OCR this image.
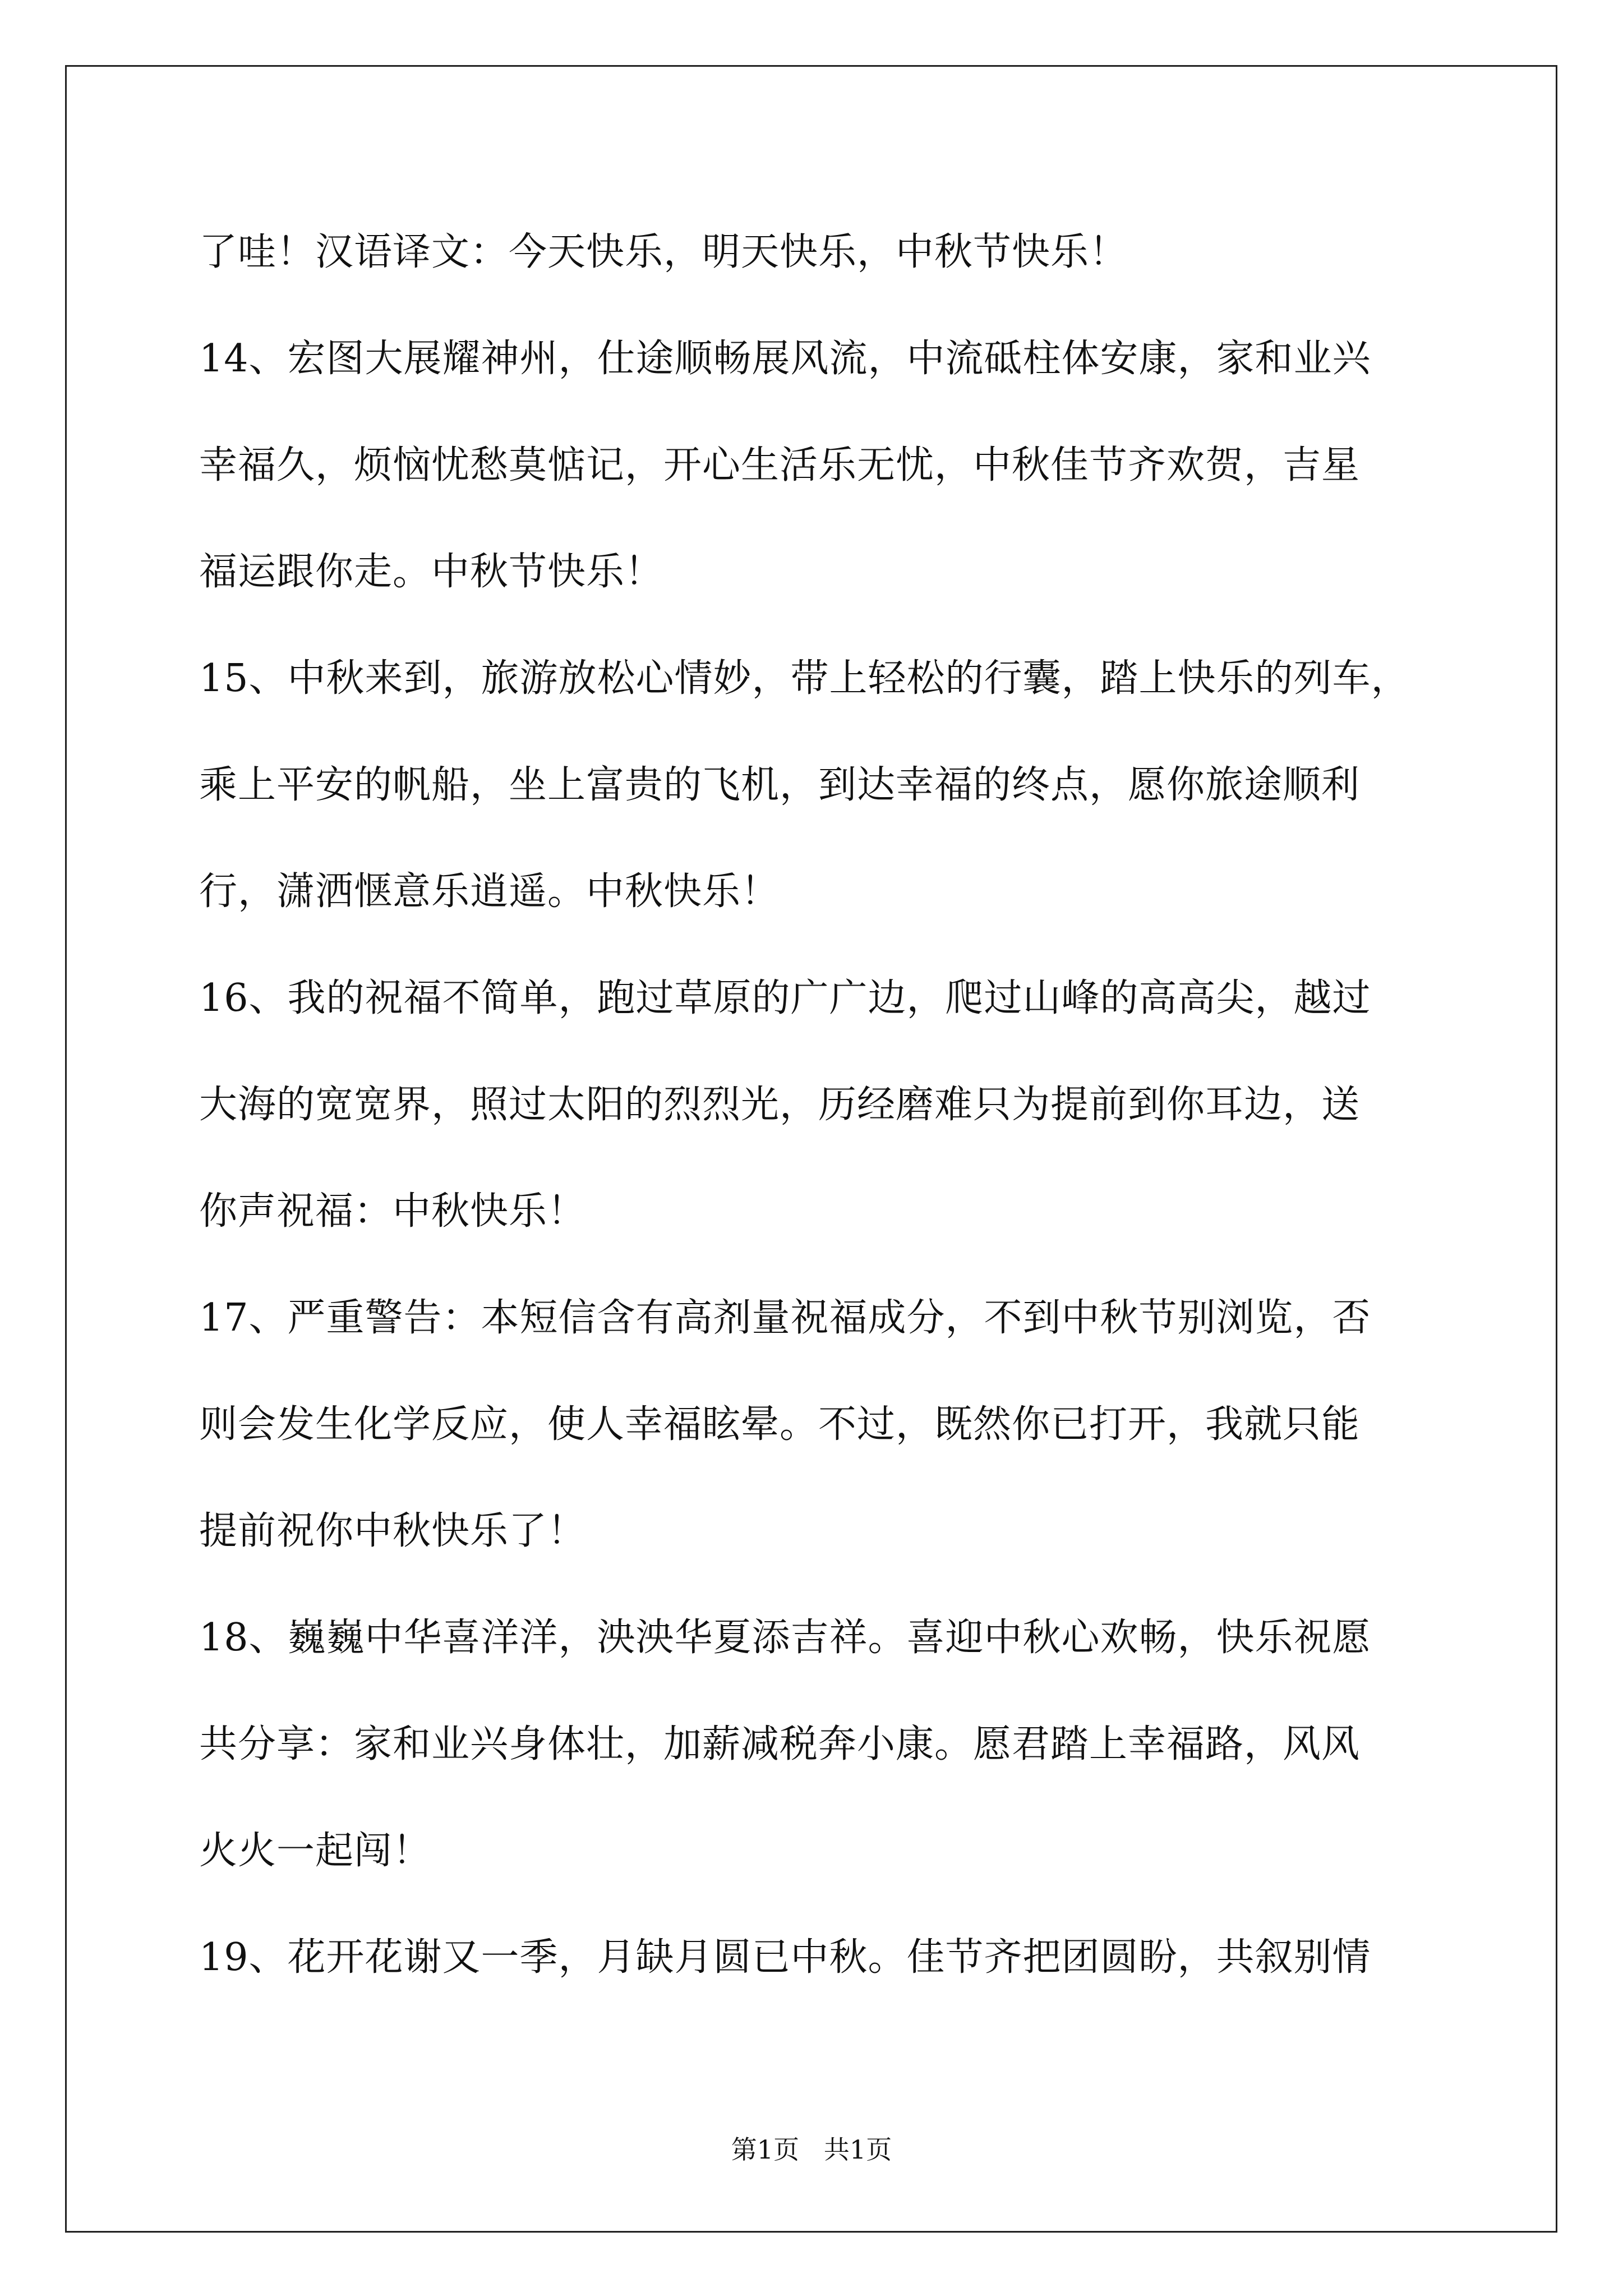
了哇！汉语译文：今天快乐，明天快乐，中秋节快乐！
14、宏图大展耀神州，仕途顺畅展风流，中流砥柱体安康，家和业兴
幸福久，烦恼忧愁莫惦记，开心生活乐无忧，中秋佳节齐欢贺，吉星
福运跟你走。中秋节快乐！
15、中秋来到，旅游放松心情妙，带上轻松的行囊，踏上快乐的列车，
乘上平安的帆船，坐上富贵的飞机，到达幸福的终点，愿你旅途顺利
行，潇洒惬意乐逍遥。中秋快乐！
16、我的祝福不简单，跑过草原的广广边，爬过山峰的高高尖，越过
大海的宽宽界，照过太阳的烈烈光，历经磨难只为提前到你耳边，送
你声祝福：中秋快乐！
17、严重警告：本短信含有高剂量祝福成分，不到中秋节别浏览，否
则会发生化学反应，使人幸福眩晕。不过，既然你已打开，我就只能
提前祝你中秋快乐了！
18、巍巍中华喜洋洋，泱泱华夏添吉祥。喜迎中秋心欢畅，快乐祝愿
共分享：家和业兴身体壮，加薪减税奔小康。愿君踏上幸福路，风风
火火一起闯！
19、花开花谢又一季，月缺月圆已中秋。佳节齐把团圆盼，共叙别情
第1页   共1页
